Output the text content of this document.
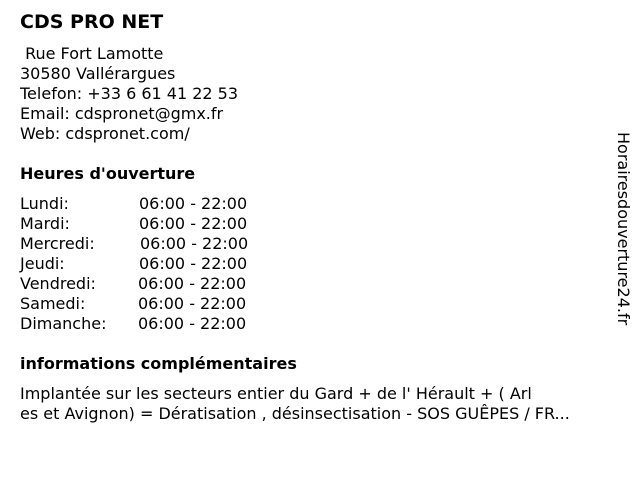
CDS PRO NET
Rue Fort Lamotte
30580 Vallérargues
Telefon: +33 6 61 41 22 53
Email: cdspronet@gmx.fr
Web: cdspronet.com/
Heures d'ouverture
Lundi:	06:00 - 22:00
Mardi:	06:00 - 22:00
Mercredi:	06:00 - 22:00
Jeudi:	06:00 - 22:00
Vendredi:	06:00 - 22:00
Samedi:	06:00 - 22:00
Dimanche: 06:00 - 22:00
informations complémentaires
Implantée sur les secteurs entier du Gard + de l' Hérault + ( Arl
es et Avignon) = Dératisation , désinsectisation - SOS GUÊPES / FR...
Horairesdouverture24.fr
